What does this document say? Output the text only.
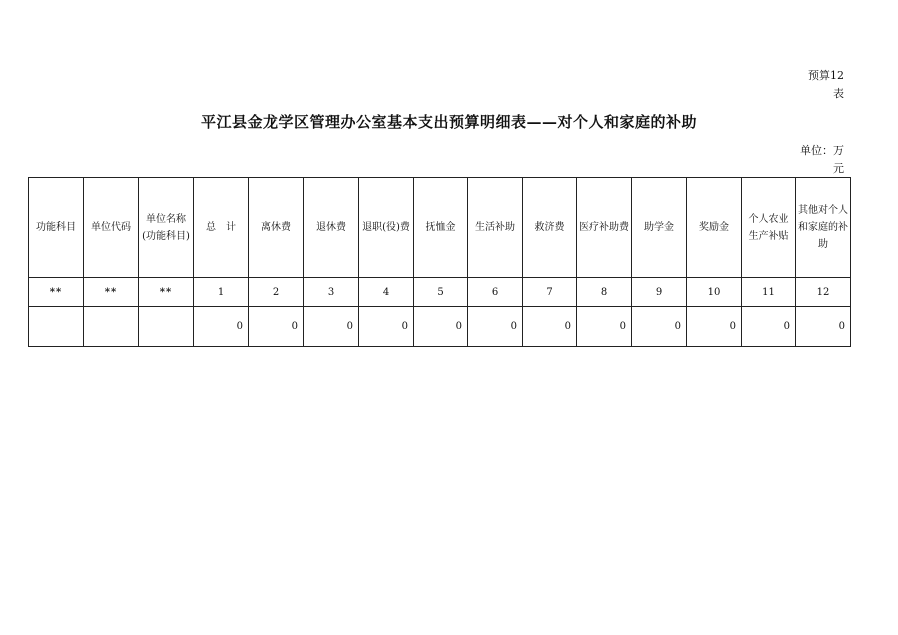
预算12
表
平江县金龙学区管理办公室基本支出预算明细表——对个人和家庭的补助
单位：万
元
功能科目	单位代码	单位名称(功能科目)	总　计	离休费	退休费	退职(役)费	抚恤金	生活补助	救济费	医疗补助费	助学金	奖励金	个人农业生产补贴	其他对个人和家庭的补助
**	**	**	1	2	3	4	5	6	7	8	9	10	11	12
			0	0	0	0	0	0	0	0	0	0	0	0
